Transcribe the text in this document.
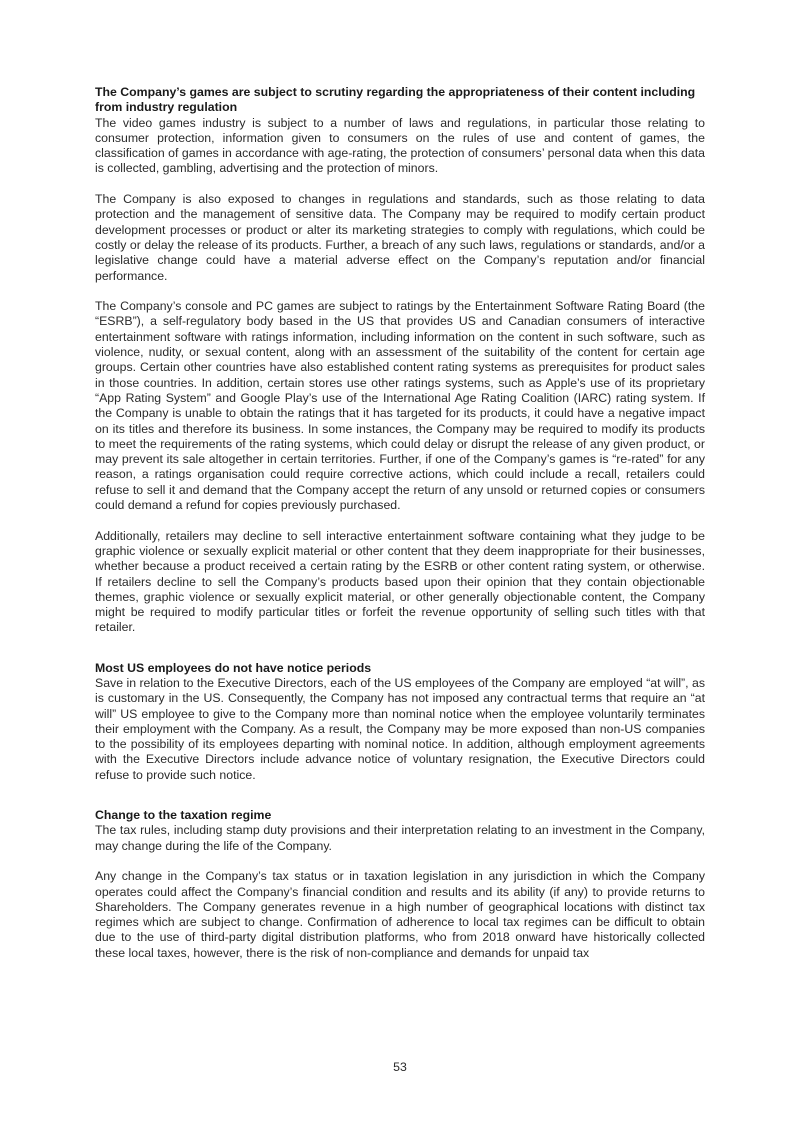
The Company’s games are subject to scrutiny regarding the appropriateness of their content including from industry regulation

The video games industry is subject to a number of laws and regulations, in particular those relating to consumer protection, information given to consumers on the rules of use and content of games, the classification of games in accordance with age-rating, the protection of consumers’ personal data when this data is collected, gambling, advertising and the protection of minors.

The Company is also exposed to changes in regulations and standards, such as those relating to data protection and the management of sensitive data. The Company may be required to modify certain product development processes or product or alter its marketing strategies to comply with regulations, which could be costly or delay the release of its products. Further, a breach of any such laws, regulations or standards, and/or a legislative change could have a material adverse effect on the Company’s reputation and/or financial performance.

The Company’s console and PC games are subject to ratings by the Entertainment Software Rating Board (the “ESRB”), a self-regulatory body based in the US that provides US and Canadian consumers of interactive entertainment software with ratings information, including information on the content in such software, such as violence, nudity, or sexual content, along with an assessment of the suitability of the content for certain age groups. Certain other countries have also established content rating systems as prerequisites for product sales in those countries. In addition, certain stores use other ratings systems, such as Apple’s use of its proprietary “App Rating System” and Google Play’s use of the International Age Rating Coalition (IARC) rating system. If the Company is unable to obtain the ratings that it has targeted for its products, it could have a negative impact on its titles and therefore its business. In some instances, the Company may be required to modify its products to meet the requirements of the rating systems, which could delay or disrupt the release of any given product, or may prevent its sale altogether in certain territories. Further, if one of the Company’s games is “re-rated” for any reason, a ratings organisation could require corrective actions, which could include a recall, retailers could refuse to sell it and demand that the Company accept the return of any unsold or returned copies or consumers could demand a refund for copies previously purchased.

Additionally, retailers may decline to sell interactive entertainment software containing what they judge to be graphic violence or sexually explicit material or other content that they deem inappropriate for their businesses, whether because a product received a certain rating by the ESRB or other content rating system, or otherwise. If retailers decline to sell the Company’s products based upon their opinion that they contain objectionable themes, graphic violence or sexually explicit material, or other generally objectionable content, the Company might be required to modify particular titles or forfeit the revenue opportunity of selling such titles with that retailer.

Most US employees do not have notice periods

Save in relation to the Executive Directors, each of the US employees of the Company are employed “at will”, as is customary in the US. Consequently, the Company has not imposed any contractual terms that require an “at will” US employee to give to the Company more than nominal notice when the employee voluntarily terminates their employment with the Company. As a result, the Company may be more exposed than non-US companies to the possibility of its employees departing with nominal notice. In addition, although employment agreements with the Executive Directors include advance notice of voluntary resignation, the Executive Directors could refuse to provide such notice.

Change to the taxation regime

The tax rules, including stamp duty provisions and their interpretation relating to an investment in the Company, may change during the life of the Company.

Any change in the Company’s tax status or in taxation legislation in any jurisdiction in which the Company operates could affect the Company’s financial condition and results and its ability (if any) to provide returns to Shareholders. The Company generates revenue in a high number of geographical locations with distinct tax regimes which are subject to change. Confirmation of adherence to local tax regimes can be difficult to obtain due to the use of third-party digital distribution platforms, who from 2018 onward have historically collected these local taxes, however, there is the risk of non-compliance and demands for unpaid tax

53
